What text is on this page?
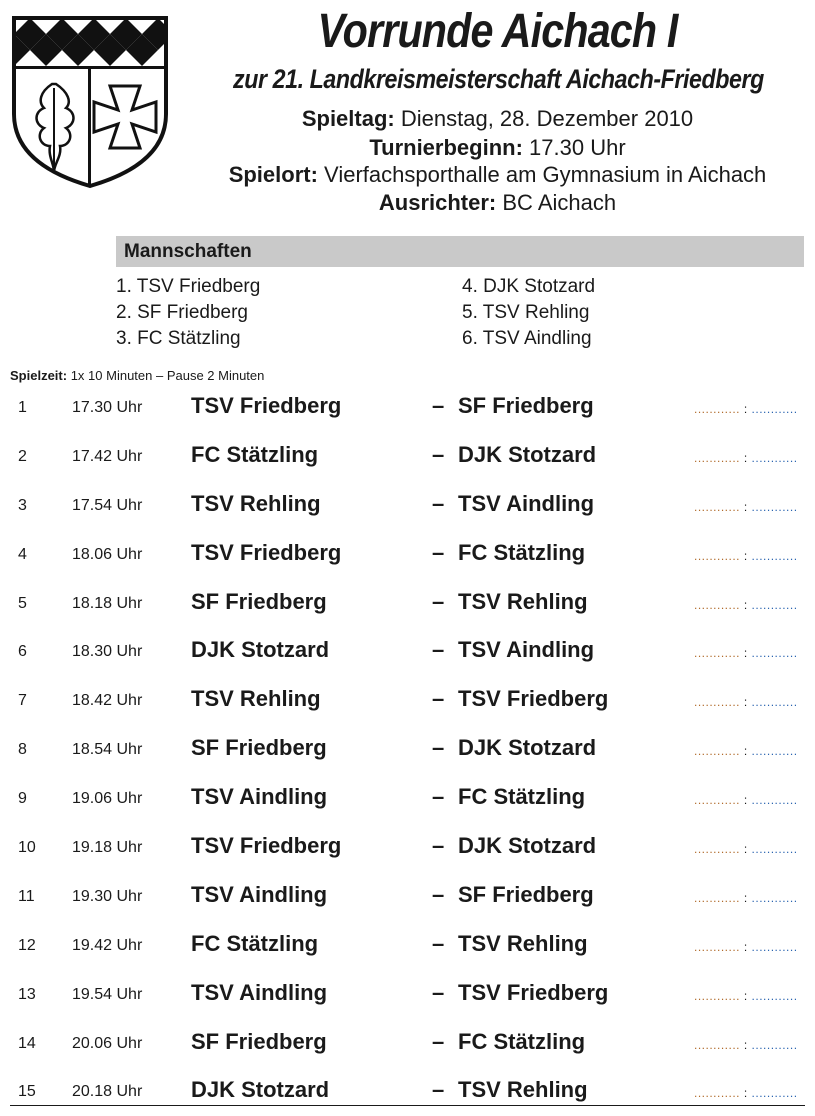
Vorrunde Aichach I
zur 21. Landkreismeisterschaft Aichach-Friedberg
Spieltag: Dienstag, 28. Dezember 2010
Turnierbeginn: 17.30 Uhr
Spielort: Vierfachsporthalle am Gymnasium in Aichach
Ausrichter: BC Aichach
Mannschaften
1. TSV Friedberg
2. SF Friedberg
3. FC Stätzling
4. DJK Stotzard
5. TSV Rehling
6. TSV Aindling
Spielzeit: 1x 10 Minuten – Pause 2 Minuten
1	17.30 Uhr TSV Friedberg	– SF Friedberg	............ : ............
2	17.42 Uhr FC Stätzling	– DJK Stotzard	............ : ............
3	17.54 Uhr TSV Rehling	– TSV Aindling	............ : ............
4	18.06 Uhr TSV Friedberg	– FC Stätzling	............ : ............
5	18.18 Uhr SF Friedberg	– TSV Rehling	............ : ............
6	18.30 Uhr DJK Stotzard	– TSV Aindling	............ : ............
7	18.42 Uhr TSV Rehling	– TSV Friedberg	............ : ............
8	18.54 Uhr SF Friedberg	– DJK Stotzard	............ : ............
9	19.06 Uhr TSV Aindling	– FC Stätzling	............ : ............
10 19.18 Uhr TSV Friedberg	– DJK Stotzard	............ : ............
11 19.30 Uhr TSV Aindling	– SF Friedberg	............ : ............
12 19.42 Uhr FC Stätzling	– TSV Rehling	............ : ............
13 19.54 Uhr TSV Aindling	– TSV Friedberg	............ : ............
14 20.06 Uhr SF Friedberg	– FC Stätzling	............ : ............
15 20.18 Uhr DJK Stotzard	– TSV Rehling	............ : ............
